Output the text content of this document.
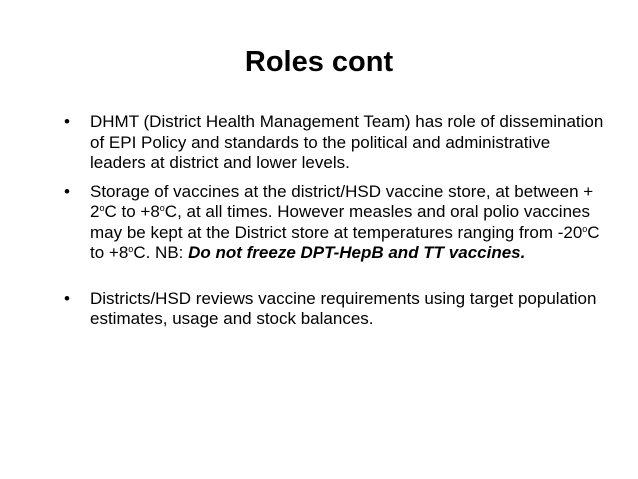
Roles cont
• DHMT (District Health Management Team) has role of dissemination of EPI Policy and standards to the political and administrative leaders at district and lower levels.
• Storage of vaccines at the district/HSD vaccine store, at between + $2^oC$ to $+8^oC$, at all times. However measles and oral polio vaccines may be kept at the District store at temperatures ranging from -20$^o$C to $+8^oC$. NB: Do not freeze DPT-HepB and TT vaccines.
• Districts/HSD reviews vaccine requirements using target population estimates, usage and stock balances.
